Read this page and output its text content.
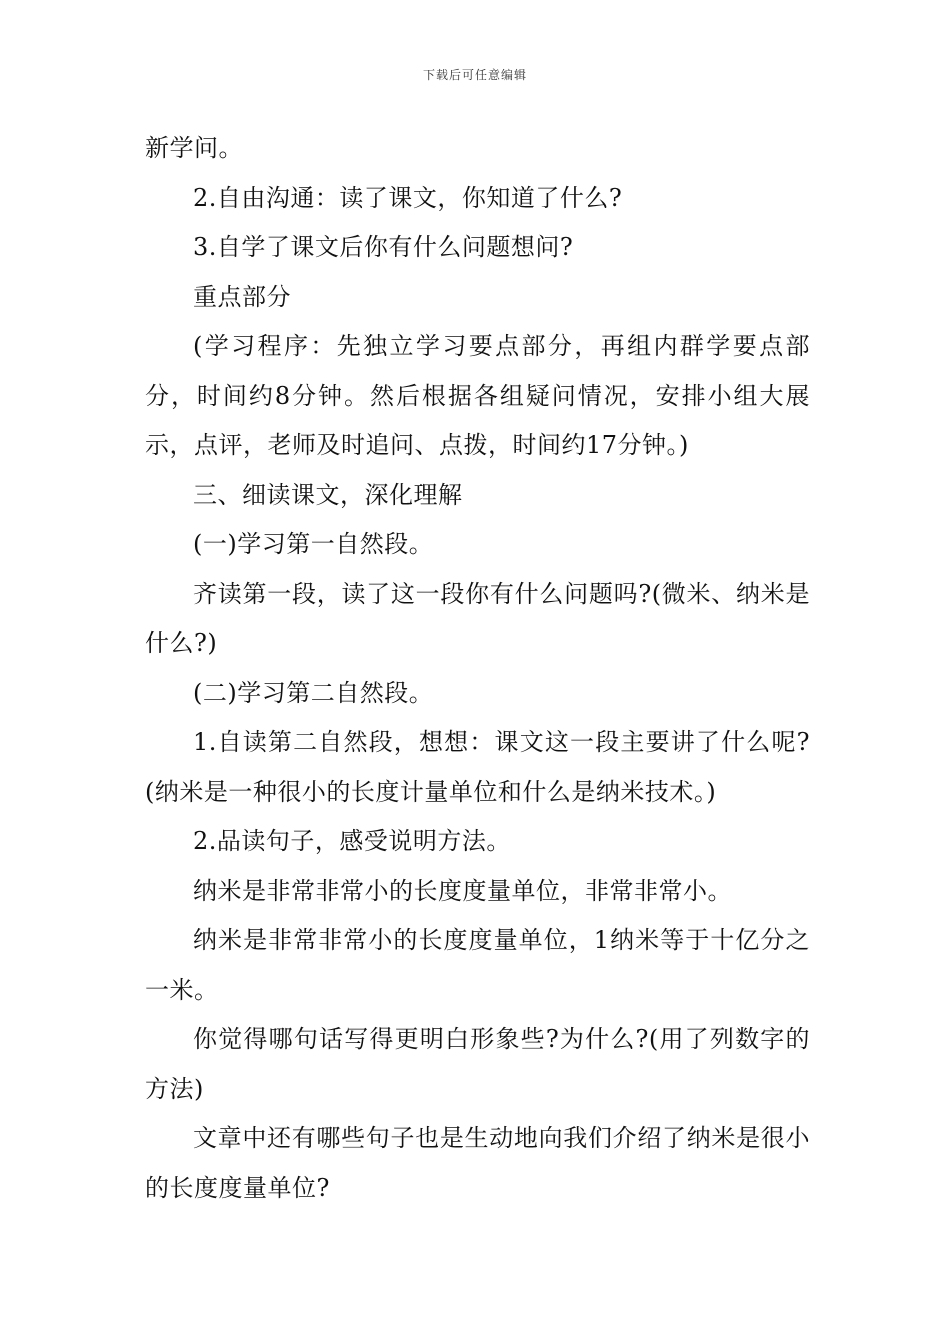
下载后可任意编辑

新学问。

2.自由沟通：读了课文，你知道了什么?

3.自学了课文后你有什么问题想问?

重点部分

(学习程序：先独立学习要点部分，再组内群学要点部分，时间约8分钟。然后根据各组疑问情况，安排小组大展示，点评，老师及时追问、点拨，时间约17分钟。)

三、细读课文，深化理解

(一)学习第一自然段。

齐读第一段，读了这一段你有什么问题吗?(微米、纳米是什么?)

(二)学习第二自然段。

1.自读第二自然段，想想：课文这一段主要讲了什么呢?(纳米是一种很小的长度计量单位和什么是纳米技术。)

2.品读句子，感受说明方法。

纳米是非常非常小的长度度量单位，非常非常小。

纳米是非常非常小的长度度量单位，1纳米等于十亿分之一米。

你觉得哪句话写得更明白形象些?为什么?(用了列数字的方法)

文章中还有哪些句子也是生动地向我们介绍了纳米是很小的长度度量单位?
